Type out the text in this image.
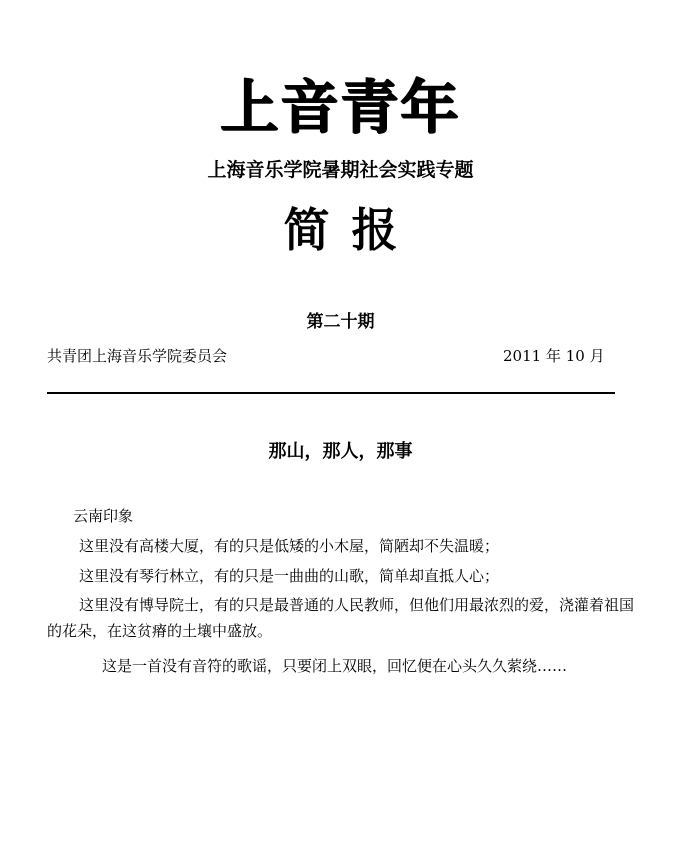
上音青年
上海音乐学院暑期社会实践专题
简报
第二十期
共青团上海音乐学院委员会	2011 年 10 月
那山，那人，那事
云南印象
这里没有高楼大厦，有的只是低矮的小木屋，简陋却不失温暖；
这里没有琴行林立，有的只是一曲曲的山歌，简单却直抵人心；
这里没有博导院士，有的只是最普通的人民教师，但他们用最浓烈的爱，浇灌着祖国的花朵，在这贫瘠的土壤中盛放。
这是一首没有音符的歌谣，只要闭上双眼，回忆便在心头久久萦绕……
